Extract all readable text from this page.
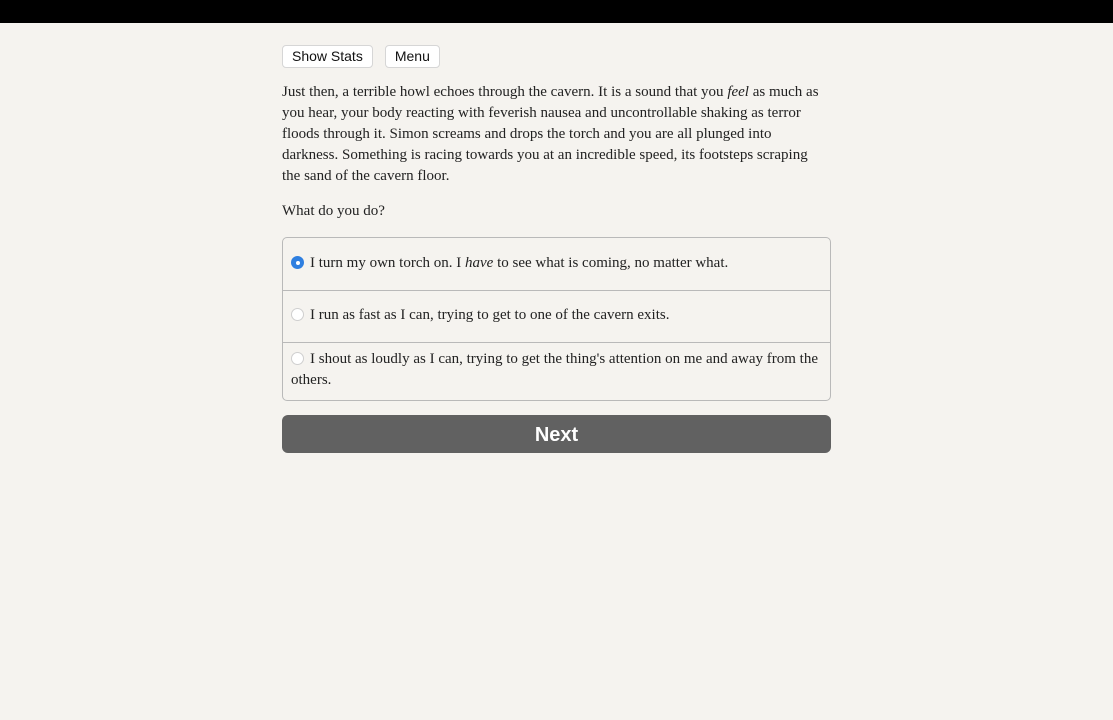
Show Stats	Menu

Just then, a terrible howl echoes through the cavern. It is a sound that you feel as much as you hear, your body reacting with feverish nausea and uncontrollable shaking as terror floods through it. Simon screams and drops the torch and you are all plunged into darkness. Something is racing towards you at an incredible speed, its footsteps scraping the sand of the cavern floor.

What do you do?

I turn my own torch on. I have to see what is coming, no matter what.
I run as fast as I can, trying to get to one of the cavern exits.
I shout as loudly as I can, trying to get the thing's attention on me and away from the others.
Next
